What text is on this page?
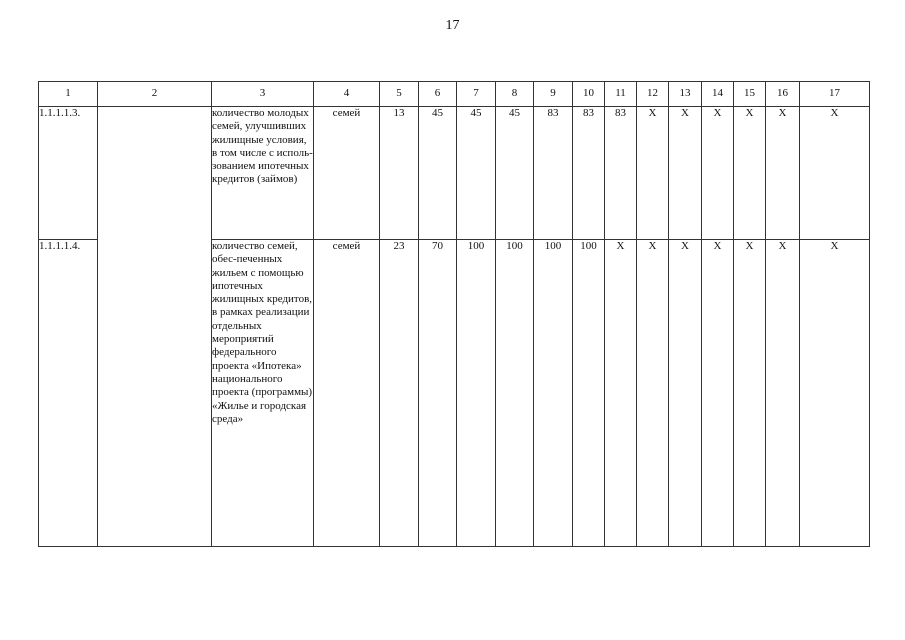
17
1	2	3	4	5	6	7	8	9	10	11	12	13	14	15	16	17
1.1.1.1.3.		количество молодых семей, улучшивших жилищные условия, в том числе с исполь-зованием ипотечных кредитов (займов)	семей	13	45	45	45	83	83	83	X	X	X	X	X	X
1.1.1.1.4.		количество семей, обес-печенных жильем с помощью ипотечных жилищных кредитов, в рамках реализации отдельных мероприятий федерального проекта «Ипотека» национального проекта (программы) «Жилье и городская среда»	семей	23	70	100	100	100	100	X	X	X	X	X	X	X
